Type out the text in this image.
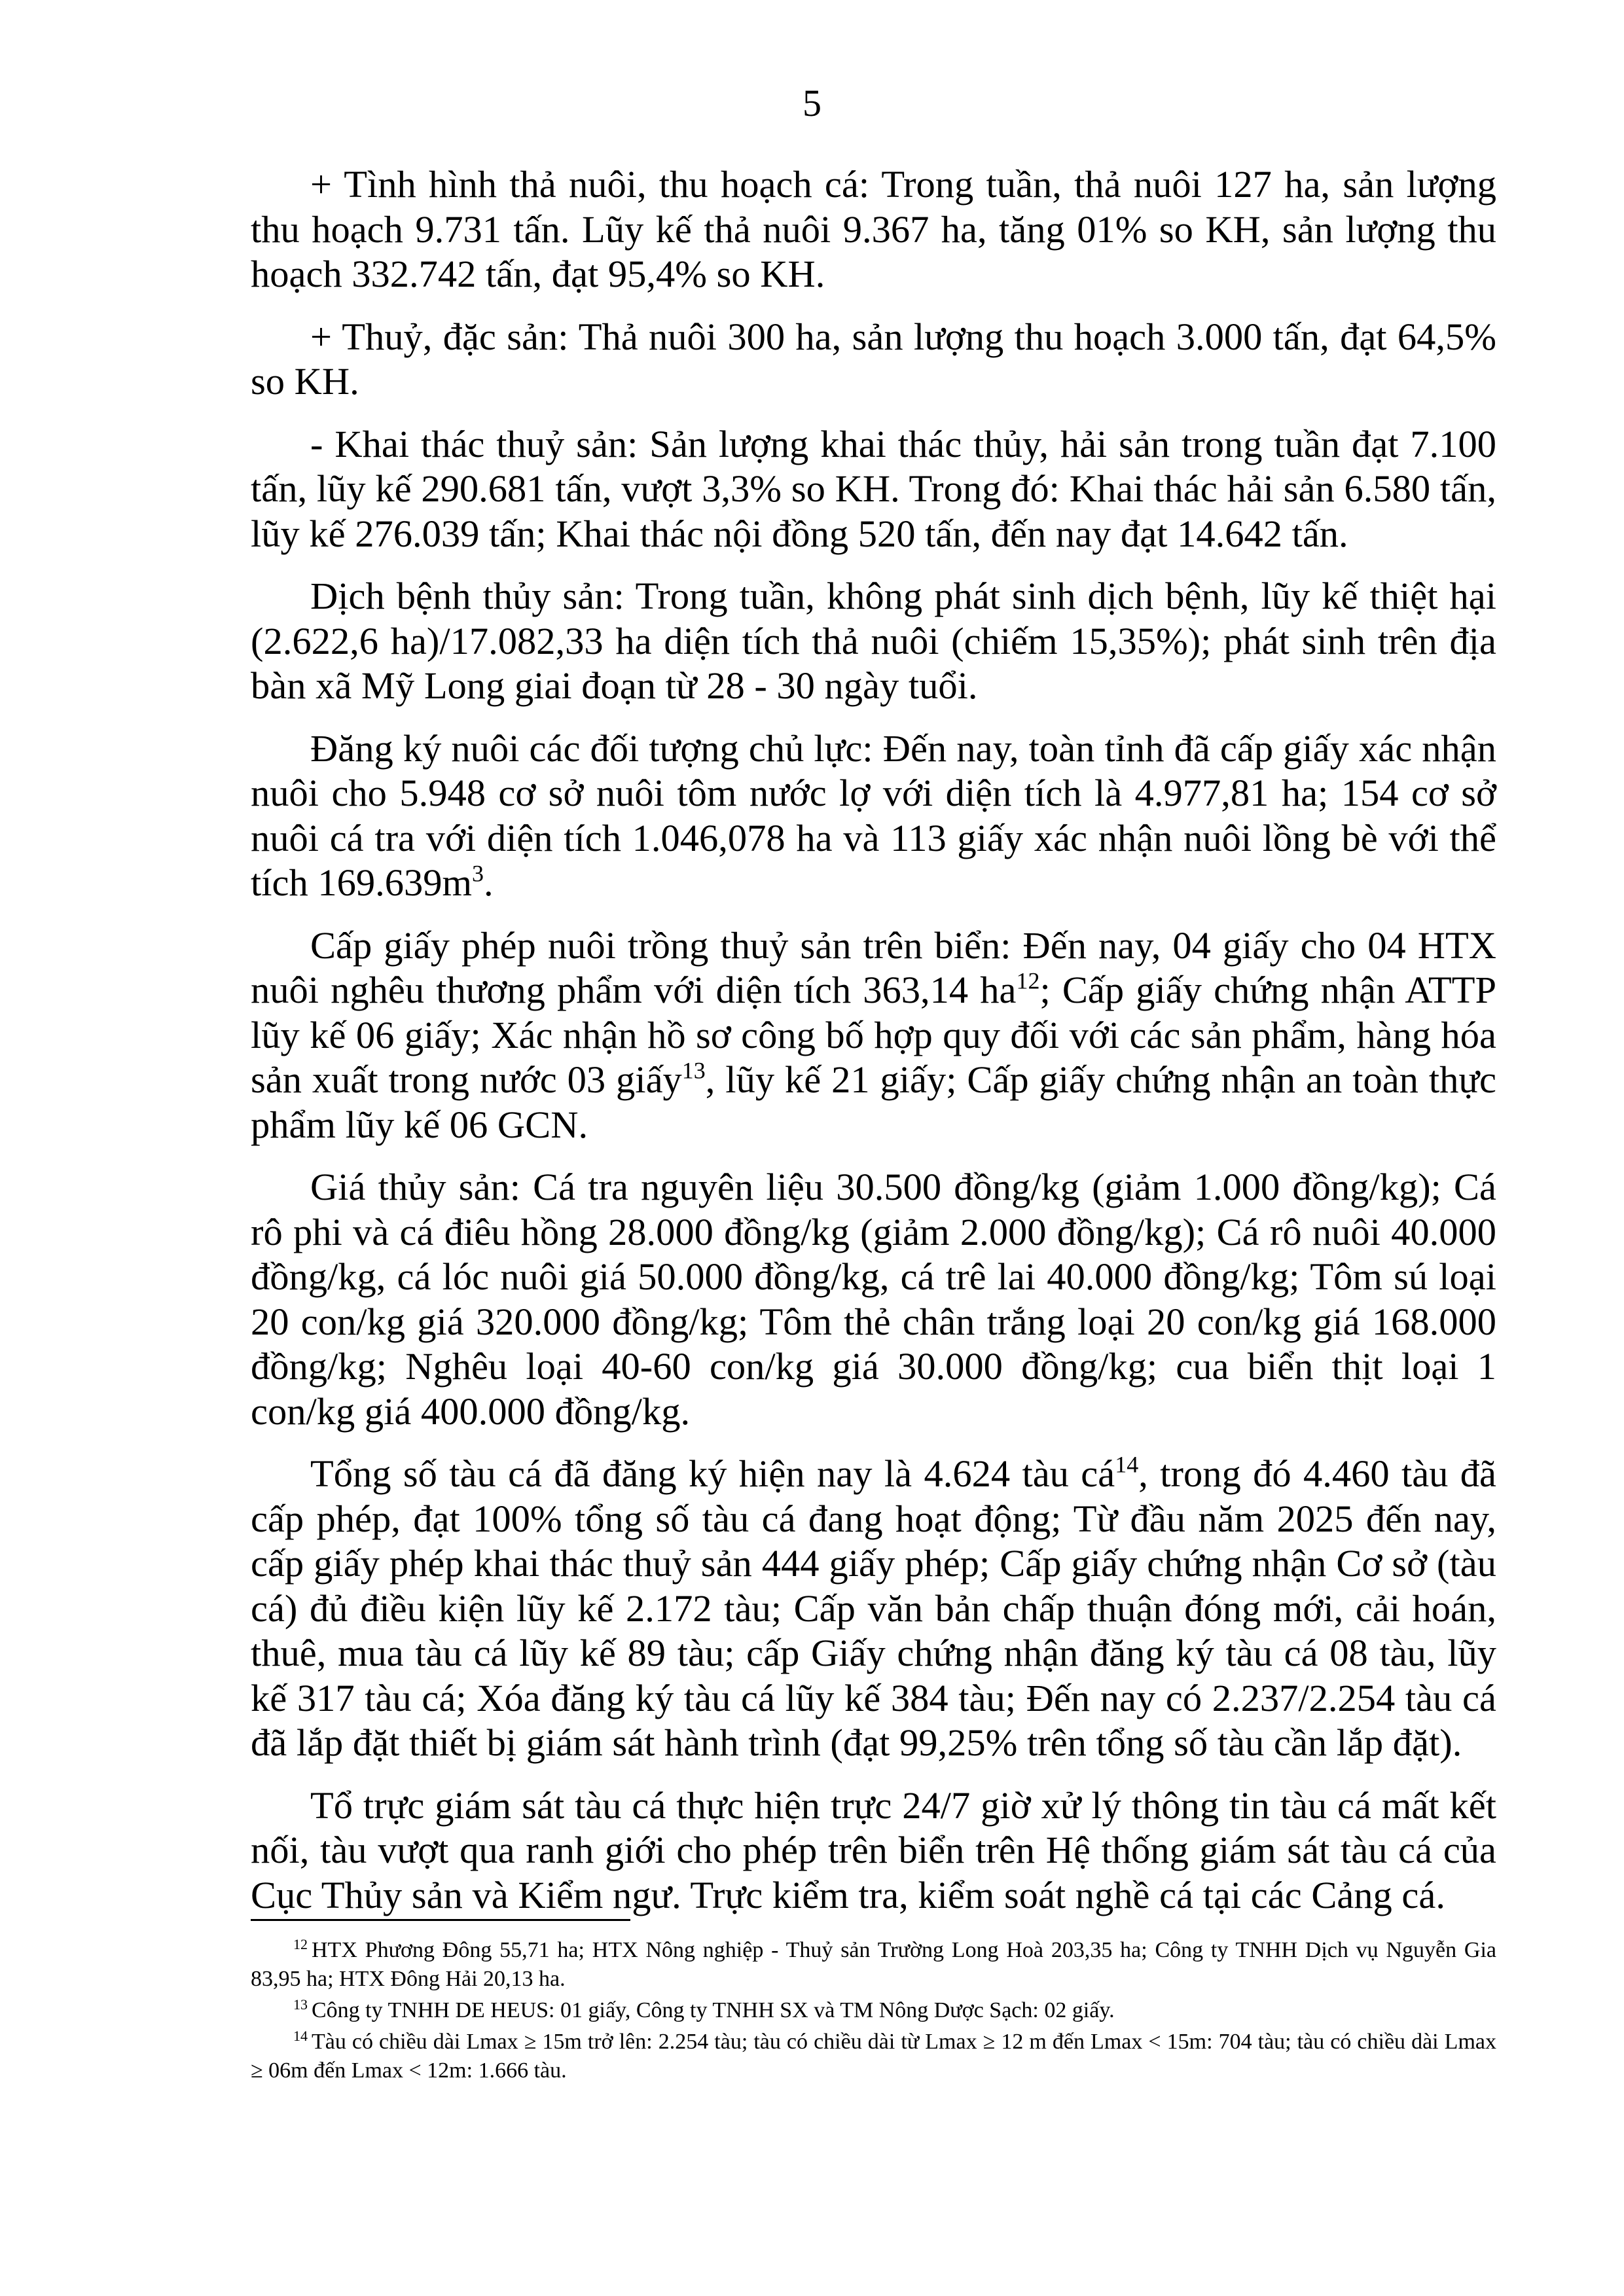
5

+ Tình hình thả nuôi, thu hoạch cá: Trong tuần, thả nuôi 127 ha, sản lượng thu hoạch 9.731 tấn. Lũy kế thả nuôi 9.367 ha, tăng 01% so KH, sản lượng thu hoạch 332.742 tấn, đạt 95,4% so KH.

+ Thuỷ, đặc sản: Thả nuôi 300 ha, sản lượng thu hoạch 3.000 tấn, đạt 64,5% so KH.

- Khai thác thuỷ sản: Sản lượng khai thác thủy, hải sản trong tuần đạt 7.100 tấn, lũy kế 290.681 tấn, vượt 3,3% so KH. Trong đó: Khai thác hải sản 6.580 tấn, lũy kế 276.039 tấn; Khai thác nội đồng 520 tấn, đến nay đạt 14.642 tấn.

Dịch bệnh thủy sản: Trong tuần, không phát sinh dịch bệnh, lũy kế thiệt hại (2.622,6 ha)/17.082,33 ha diện tích thả nuôi (chiếm 15,35%); phát sinh trên địa bàn xã Mỹ Long giai đoạn từ 28 - 30 ngày tuổi.

Đăng ký nuôi các đối tượng chủ lực: Đến nay, toàn tỉnh đã cấp giấy xác nhận nuôi cho 5.948 cơ sở nuôi tôm nước lợ với diện tích là 4.977,81 ha; 154 cơ sở nuôi cá tra với diện tích 1.046,078 ha và 113 giấy xác nhận nuôi lồng bè với thể tích $169.639m^3$.

Cấp giấy phép nuôi trồng thuỷ sản trên biển: Đến nay, 04 giấy cho 04 HTX nuôi nghêu thương phẩm với diện tích 363,14 $ha^{12}$; Cấp giấy chứng nhận ATTP lũy kế 06 giấy; Xác nhận hồ sơ công bố hợp quy đối với các sản phẩm, hàng hóa sản xuất trong nước 03 giấy$^{13}$, lũy kế 21 giấy; Cấp giấy chứng nhận an toàn thực phẩm lũy kế 06 GCN.

Giá thủy sản: Cá tra nguyên liệu 30.500 đồng/kg (giảm 1.000 đồng/kg); Cá rô phi và cá điêu hồng 28.000 đồng/kg (giảm 2.000 đồng/kg); Cá rô nuôi 40.000 đồng/kg, cá lóc nuôi giá 50.000 đồng/kg, cá trê lai 40.000 đồng/kg; Tôm sú loại 20 con/kg giá 320.000 đồng/kg; Tôm thẻ chân trắng loại 20 con/kg giá 168.000 đồng/kg; Nghêu loại 40-60 con/kg giá 30.000 đồng/kg; cua biển thịt loại 1 con/kg giá 400.000 đồng/kg.

Tổng số tàu cá đã đăng ký hiện nay là 4.624 tàu $cá^{14}$, trong đó 4.460 tàu đã cấp phép, đạt 100% tổng số tàu cá đang hoạt động; Từ đầu năm 2025 đến nay, cấp giấy phép khai thác thuỷ sản 444 giấy phép; Cấp giấy chứng nhận Cơ sở (tàu cá) đủ điều kiện lũy kế 2.172 tàu; Cấp văn bản chấp thuận đóng mới, cải hoán, thuê, mua tàu cá lũy kế 89 tàu; cấp Giấy chứng nhận đăng ký tàu cá 08 tàu, lũy kế 317 tàu cá; Xóa đăng ký tàu cá lũy kế 384 tàu; Đến nay có 2.237/2.254 tàu cá đã lắp đặt thiết bị giám sát hành trình (đạt 99,25% trên tổng số tàu cần lắp đặt).

Tổ trực giám sát tàu cá thực hiện trực 24/7 giờ xử lý thông tin tàu cá mất kết nối, tàu vượt qua ranh giới cho phép trên biển trên Hệ thống giám sát tàu cá của Cục Thủy sản và Kiểm ngư. Trực kiểm tra, kiểm soát nghề cá tại các Cảng cá.

$^{12}$ HTX Phương Đông 55,71 ha; HTX Nông nghiệp - Thuỷ sản Trường Long Hoà 203,35 ha; Công ty TNHH Dịch vụ Nguyễn Gia 83,95 ha; HTX Đông Hải 20,13 ha.
$^{13}$ Công ty TNHH DE HEUS: 01 giấy, Công ty TNHH SX và TM Nông Dược Sạch: 02 giấy.
$^{14}$ Tàu có chiều dài Lmax ≥ 15m trở lên: 2.254 tàu; tàu có chiều dài từ Lmax ≥ 12 m đến Lmax < 15m: 704 tàu; tàu có chiều dài Lmax ≥ 06m đến Lmax < 12m: 1.666 tàu.
